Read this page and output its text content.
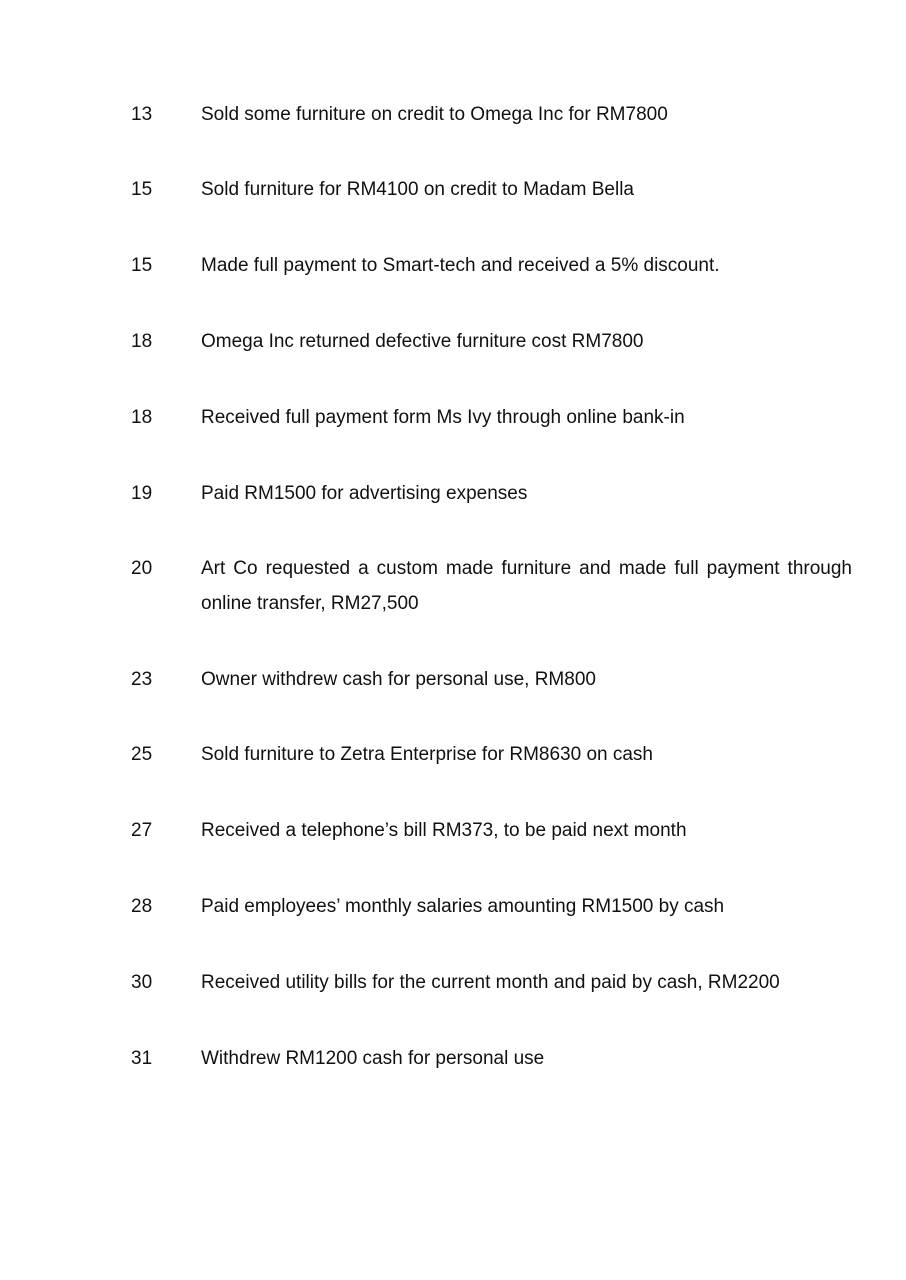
13	Sold some furniture on credit to Omega Inc for RM7800
15	Sold furniture for RM4100 on credit to Madam Bella
15	Made full payment to Smart-tech and received a 5% discount.
18	Omega Inc returned defective furniture cost RM7800
18	Received full payment form Ms Ivy through online bank-in
19	Paid RM1500 for advertising expenses
20	Art Co requested a custom made furniture and made full payment through online transfer, RM27,500
23	Owner withdrew cash for personal use, RM800
25	Sold furniture to Zetra Enterprise for RM8630 on cash
27	Received a telephone’s bill RM373, to be paid next month
28	Paid employees’ monthly salaries amounting RM1500 by cash
30	Received utility bills for the current month and paid by cash, RM2200
31	Withdrew RM1200 cash for personal use
